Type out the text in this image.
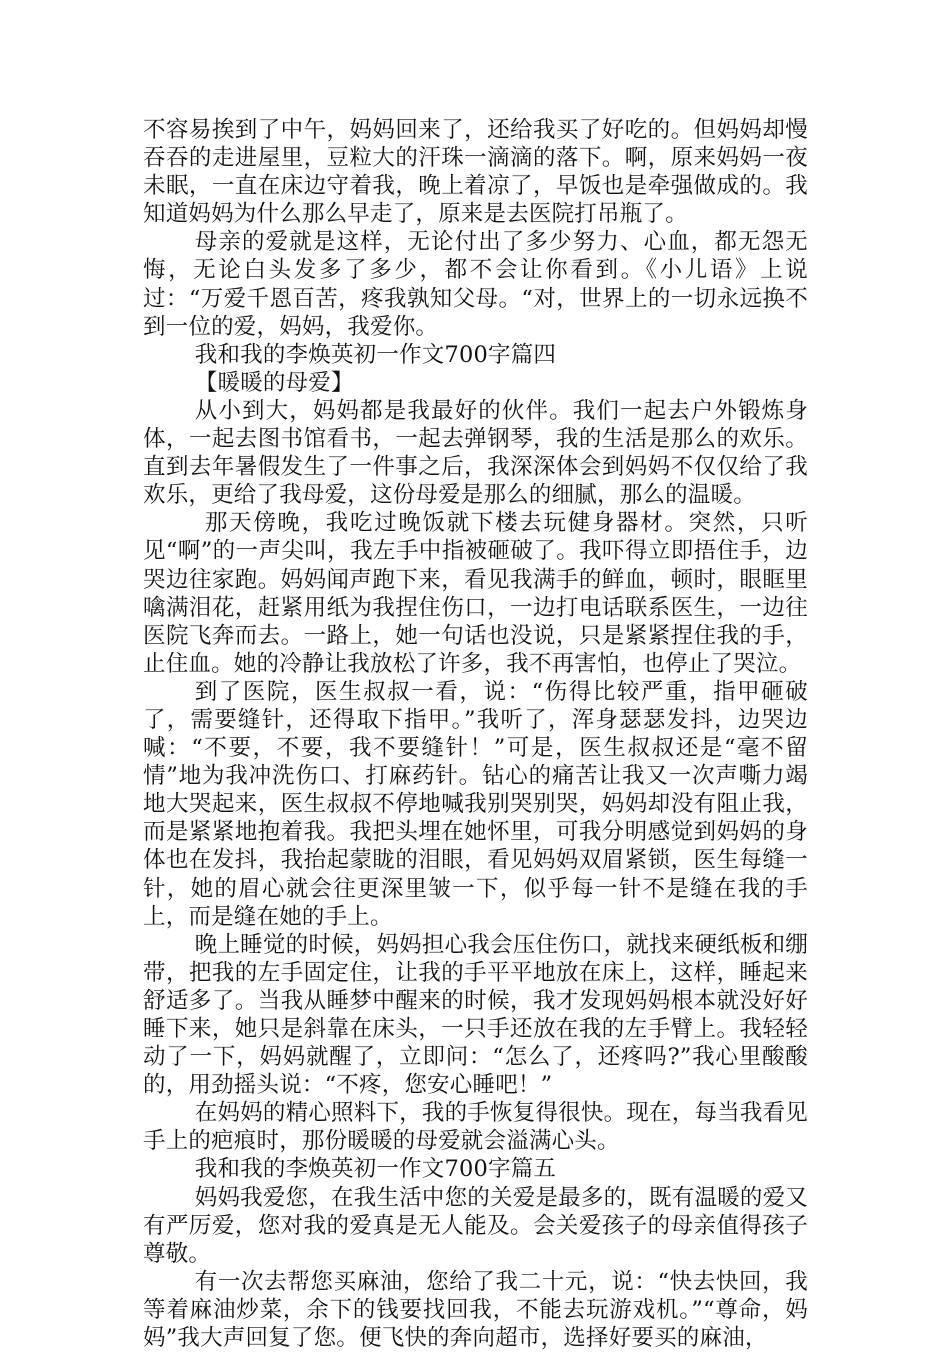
不容易挨到了中午，妈妈回来了，还给我买了好吃的。但妈妈却慢吞吞的走进屋里，豆粒大的汗珠一滴滴的落下。啊，原来妈妈一夜未眠，一直在床边守着我，晚上着凉了，早饭也是牵强做成的。我知道妈妈为什么那么早走了，原来是去医院打吊瓶了。

母亲的爱就是这样，无论付出了多少努力、心血，都无怨无悔，无论白头发多了多少，都不会让你看到。《小儿语》上说过：“万爱千恩百苦，疼我孰知父母。“对，世界上的一切永远换不到一位的爱，妈妈，我爱你。

我和我的李焕英初一作文700字篇四

【暖暖的母爱】

从小到大，妈妈都是我最好的伙伴。我们一起去户外锻炼身体，一起去图书馆看书，一起去弹钢琴，我的生活是那么的欢乐。直到去年暑假发生了一件事之后，我深深体会到妈妈不仅仅给了我欢乐，更给了我母爱，这份母爱是那么的细腻，那么的温暖。

那天傍晚，我吃过晚饭就下楼去玩健身器材。突然，只听见“啊”的一声尖叫，我左手中指被砸破了。我吓得立即捂住手，边哭边往家跑。妈妈闻声跑下来，看见我满手的鲜血，顿时，眼眶里噙满泪花，赶紧用纸为我捏住伤口，一边打电话联系医生，一边往医院飞奔而去。一路上，她一句话也没说，只是紧紧捏住我的手，止住血。她的冷静让我放松了许多，我不再害怕，也停止了哭泣。

到了医院，医生叔叔一看，说：“伤得比较严重，指甲砸破了，需要缝针，还得取下指甲。”我听了，浑身瑟瑟发抖，边哭边喊：“不要，不要，我不要缝针！”可是，医生叔叔还是“毫不留情”地为我冲洗伤口、打麻药针。钻心的痛苦让我又一次声嘶力竭地大哭起来，医生叔叔不停地喊我别哭别哭，妈妈却没有阻止我，而是紧紧地抱着我。我把头埋在她怀里，可我分明感觉到妈妈的身体也在发抖，我抬起蒙眬的泪眼，看见妈妈双眉紧锁，医生每缝一针，她的眉心就会往更深里皱一下，似乎每一针不是缝在我的手上，而是缝在她的手上。

晚上睡觉的时候，妈妈担心我会压住伤口，就找来硬纸板和绷带，把我的左手固定住，让我的手平平地放在床上，这样，睡起来舒适多了。当我从睡梦中醒来的时候，我才发现妈妈根本就没好好睡下来，她只是斜靠在床头，一只手还放在我的左手臂上。我轻轻动了一下，妈妈就醒了，立即问：“怎么了，还疼吗?”我心里酸酸的，用劲摇头说：“不疼，您安心睡吧！”

在妈妈的精心照料下，我的手恢复得很快。现在，每当我看见手上的疤痕时，那份暖暖的母爱就会溢满心头。

我和我的李焕英初一作文700字篇五

妈妈我爱您，在我生活中您的关爱是最多的，既有温暖的爱又有严厉爱，您对我的爱真是无人能及。会关爱孩子的母亲值得孩子尊敬。

有一次去帮您买麻油，您给了我二十元，说：“快去快回，我等着麻油炒菜，余下的钱要找回我，不能去玩游戏机。”“尊命，妈妈”我大声回复了您。便飞快的奔向超市，选择好要买的麻油，
